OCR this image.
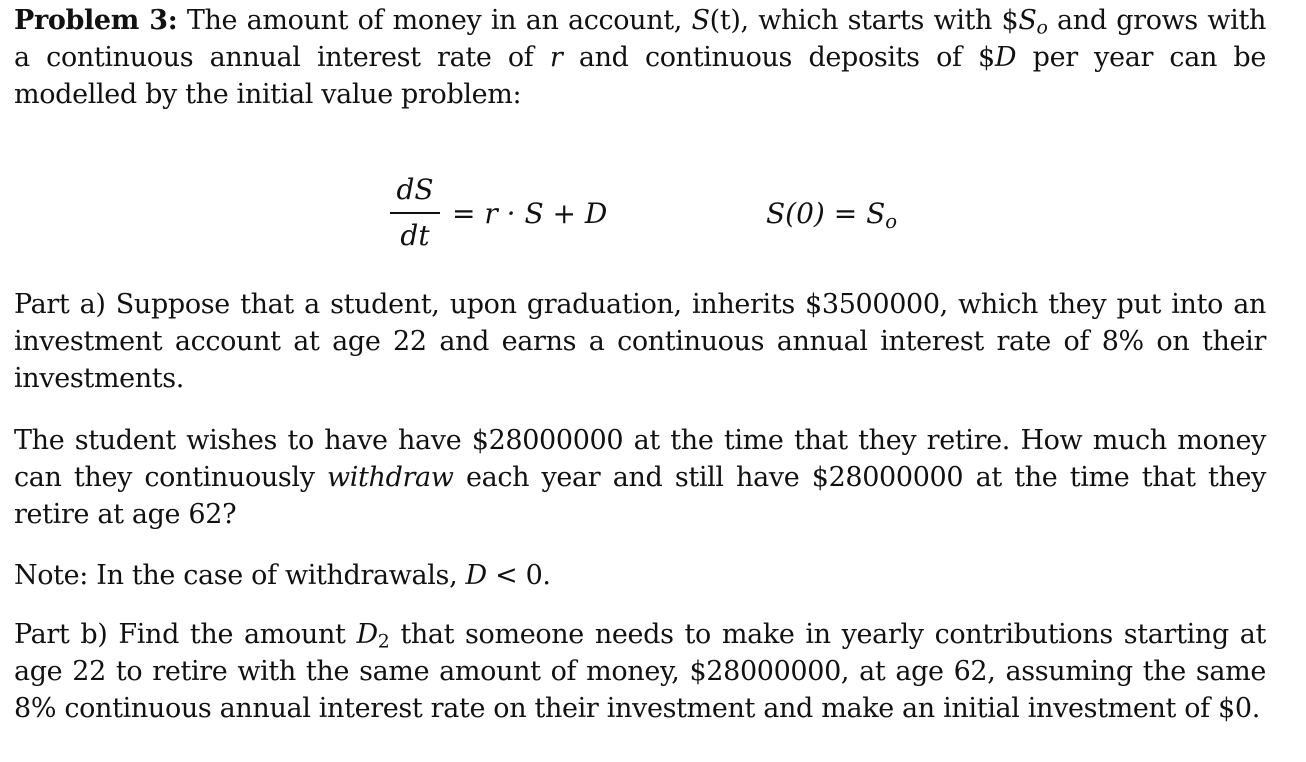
Problem 3: The amount of money in an account, S(t), which starts with $\$S_o$ and grows with a continuous annual interest rate of r and continuous deposits of $D per year can be modelled by the initial value problem:

dS
dt
= r · S + D	$S(0) = S_o$

Part a) Suppose that a student, upon graduation, inherits $3500000, which they put into an investment account at age 22 and earns a continuous annual interest rate of 8% on their investments.

The student wishes to have have $28000000 at the time that they retire. How much money can they continuously withdraw each year and still have $28000000 at the time that they retire at age 62?

Note: In the case of withdrawals, D < 0.

Part b) Find the amount $D_2$ that someone needs to make in yearly contributions starting at age 22 to retire with the same amount of money, $28000000, at age 62, assuming the same 8% continuous annual interest rate on their investment and make an initial investment of $0.
